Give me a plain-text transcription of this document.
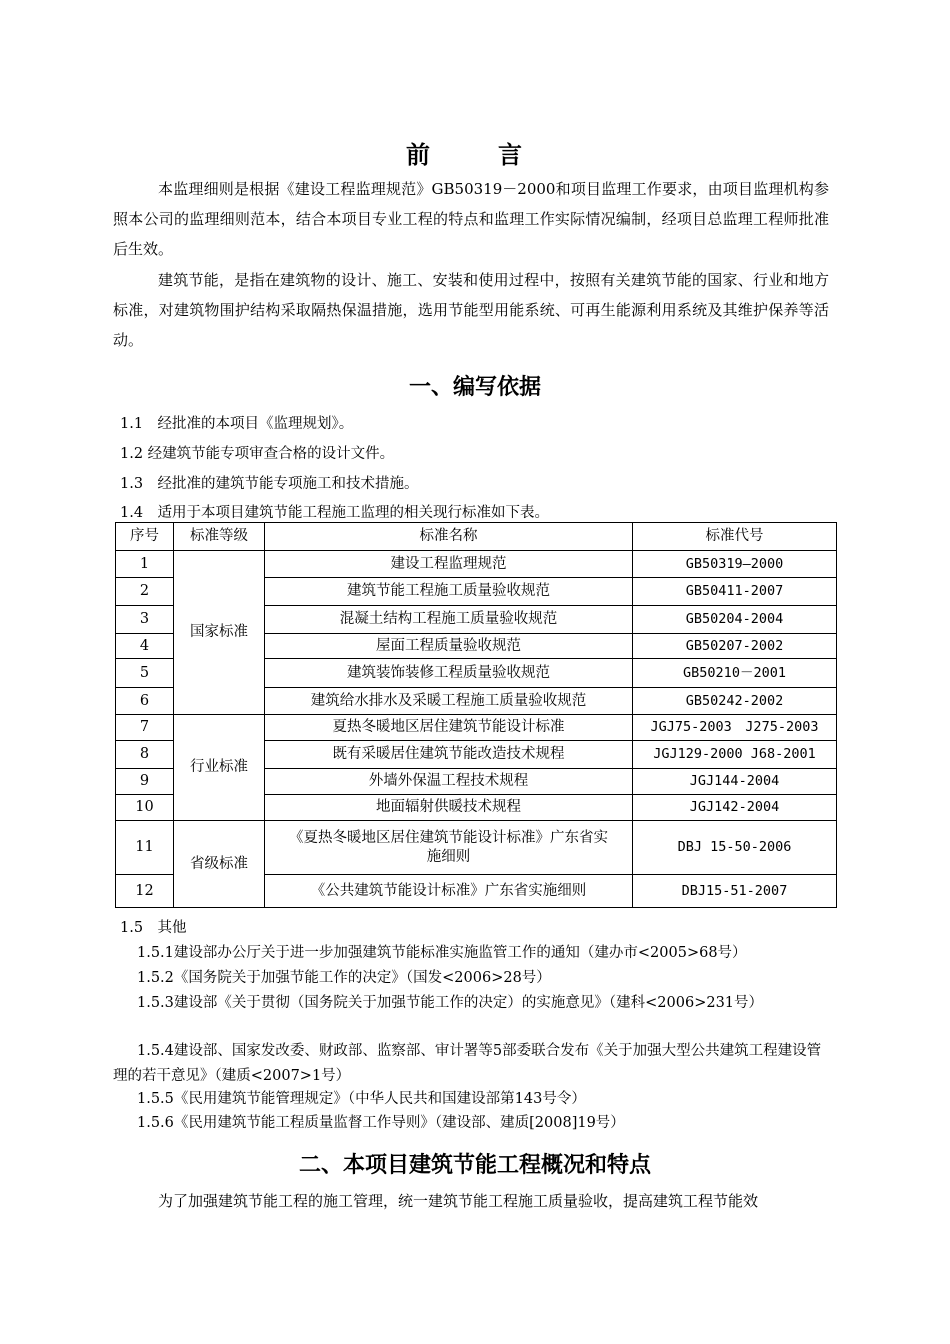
前　言

本监理细则是根据《建设工程监理规范》GB50319－2000和项目监理工作要求，由项目监理机构参照本公司的监理细则范本，结合本项目专业工程的特点和监理工作实际情况编制，经项目总监理工程师批准后生效。

建筑节能，是指在建筑物的设计、施工、安装和使用过程中，按照有关建筑节能的国家、行业和地方标准，对建筑物围护结构采取隔热保温措施，选用节能型用能系统、可再生能源利用系统及其维护保养等活动。

一、编写依据
1.1　经批准的本项目《监理规划》。
1.2 经建筑节能专项审查合格的设计文件。
1.3　经批准的建筑节能专项施工和技术措施。
1.4　适用于本项目建筑节能工程施工监理的相关现行标准如下表。
序号	标准等级	标准名称	标准代号
1	国家标准	建设工程监理规范	GB50319—2000
2		建筑节能工程施工质量验收规范	GB50411-2007
3		混凝土结构工程施工质量验收规范	GB50204-2004
4		屋面工程质量验收规范	GB50207-2002
5		建筑装饰装修工程质量验收规范	GB50210－2001
6		建筑给水排水及采暖工程施工质量验收规范	GB50242-2002
7	行业标准	夏热冬暖地区居住建筑节能设计标准	JGJ75-2003　J275-2003
8		既有采暖居住建筑节能改造技术规程	JGJ129-2000 J68-2001
9		外墙外保温工程技术规程	JGJ144-2004
10		地面辐射供暖技术规程	JGJ142-2004
11	省级标准	《夏热冬暖地区居住建筑节能设计标准》广东省实施细则	DBJ 15-50-2006
12		《公共建筑节能设计标准》广东省实施细则	DBJ15-51-2007
1.5　其他

1.5.1建设部办公厅关于进一步加强建筑节能标准实施监管工作的通知（建办市<2005>68号）

1.5.2《国务院关于加强节能工作的决定》（国发<2006>28号）

1.5.3建设部《关于贯彻（国务院关于加强节能工作的决定）的实施意见》（建科<2006>231号）

1.5.4建设部、国家发改委、财政部、监察部、审计署等5部委联合发布《关于加强大型公共建筑工程建设管理的若干意见》（建质<2007>1号）

1.5.5《民用建筑节能管理规定》（中华人民共和国建设部第143号令）

1.5.6《民用建筑节能工程质量监督工作导则》（建设部、建质[2008]19号）

二、本项目建筑节能工程概况和特点

为了加强建筑节能工程的施工管理，统一建筑节能工程施工质量验收，提高建筑工程节能效
